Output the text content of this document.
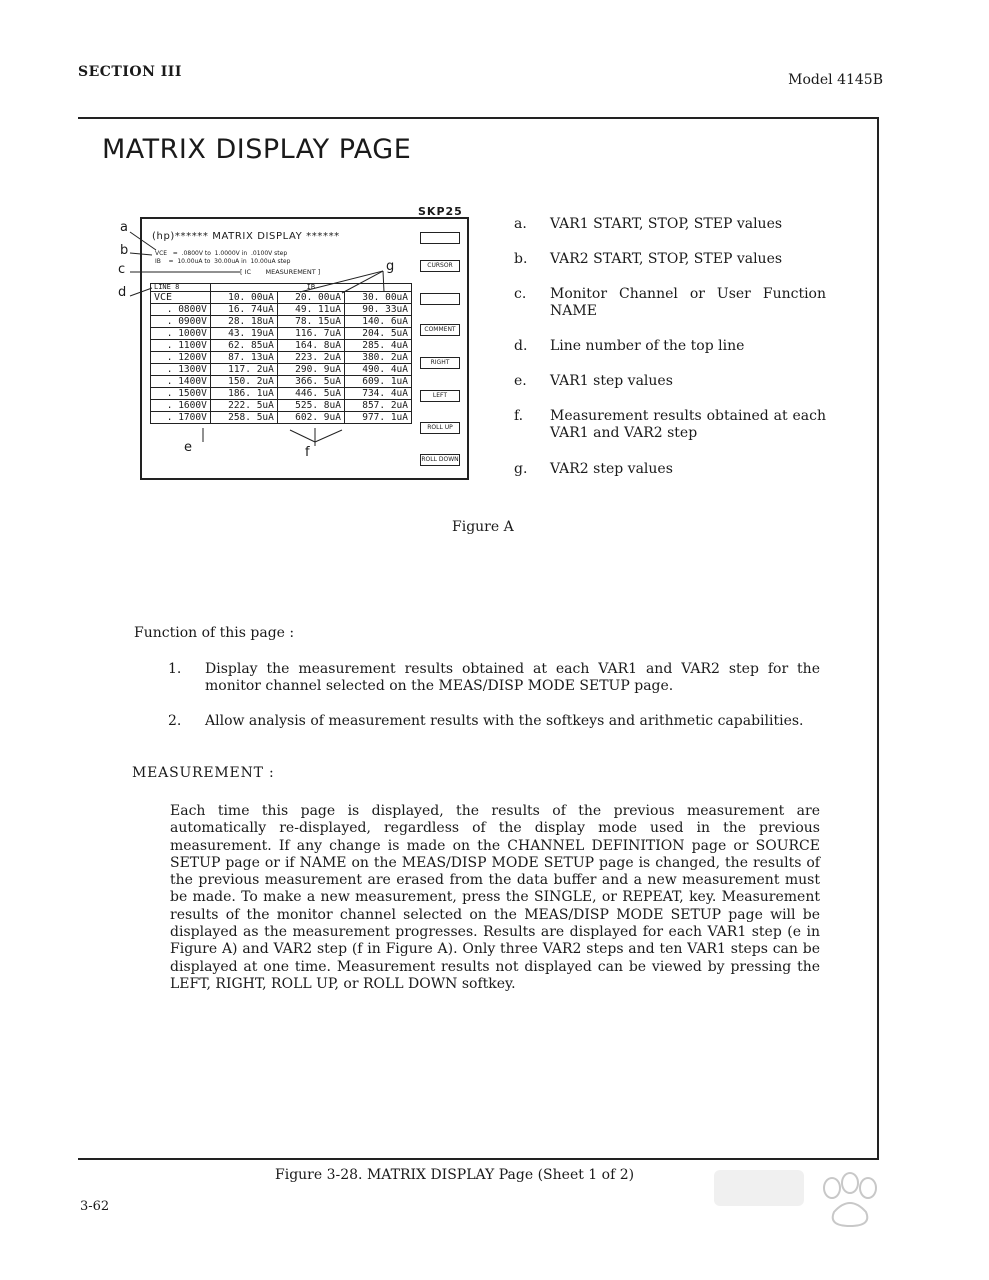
SECTION III	Model 4145B
MATRIX DISPLAY PAGE
SKP25
(hp)****** MATRIX DISPLAY ******
VCE   =  .0800V to  1.0000V in  .0100V step
IB    =  10.00uA to  30.00uA in  10.00uA step
[ IC       MEASUREMENT ]
LINE 8	IB		
VCE	10. 00uA	20. 00uA	30. 00uA
. 0800V	16. 74uA	49. 11uA	90. 33uA
. 0900V	28. 18uA	78. 15uA	140. 6uA
. 1000V	43. 19uA	116. 7uA	204. 5uA
. 1100V	62. 85uA	164. 8uA	285. 4uA
. 1200V	87. 13uA	223. 2uA	380. 2uA
. 1300V	117. 2uA	290. 9uA	490. 4uA
. 1400V	150. 2uA	366. 5uA	609. 1uA
. 1500V	186. 1uA	446. 5uA	734. 4uA
. 1600V	222. 5uA	525. 8uA	857. 2uA
. 1700V	258. 5uA	602. 9uA	977. 1uA
CURSOR
COMMENT
RIGHT
LEFT
ROLL UP
ROLL DOWN
a
b
c
d
e	f
g
a. VAR1 START, STOP, STEP values
b. VAR2 START, STOP, STEP values
c. Monitor Channel or User Function NAME
d. Line number of the top line
e. VAR1 step values
f. Measurement results obtained at each VAR1 and VAR2 step
g. VAR2 step values
Figure A
Function of this page :
1. Display the measurement results obtained at each VAR1 and VAR2 step for the monitor channel selected on the MEAS/DISP MODE SETUP page.
2. Allow analysis of measurement results with the softkeys and arithmetic capabilities.
MEASUREMENT :
Each time this page is displayed, the results of the previous measurement are automatically re-displayed, regardless of the display mode used in the previous measurement. If any change is made on the CHANNEL DEFINITION page or SOURCE SETUP page or if NAME on the MEAS/DISP MODE SETUP page is changed, the results of the previous measurement are erased from the data buffer and a new measurement must be made. To make a new measurement, press the SINGLE, or REPEAT, key. Measurement results of the monitor channel selected on the MEAS/DISP MODE SETUP page will be displayed as the measurement progresses. Results are displayed for each VAR1 step (e in Figure A) and VAR2 step (f in Figure A). Only three VAR2 steps and ten VAR1 steps can be displayed at one time. Measurement results not displayed can be viewed by pressing the LEFT, RIGHT, ROLL UP, or ROLL DOWN softkey.
Figure 3-28. MATRIX DISPLAY Page (Sheet 1 of 2)
3-62
